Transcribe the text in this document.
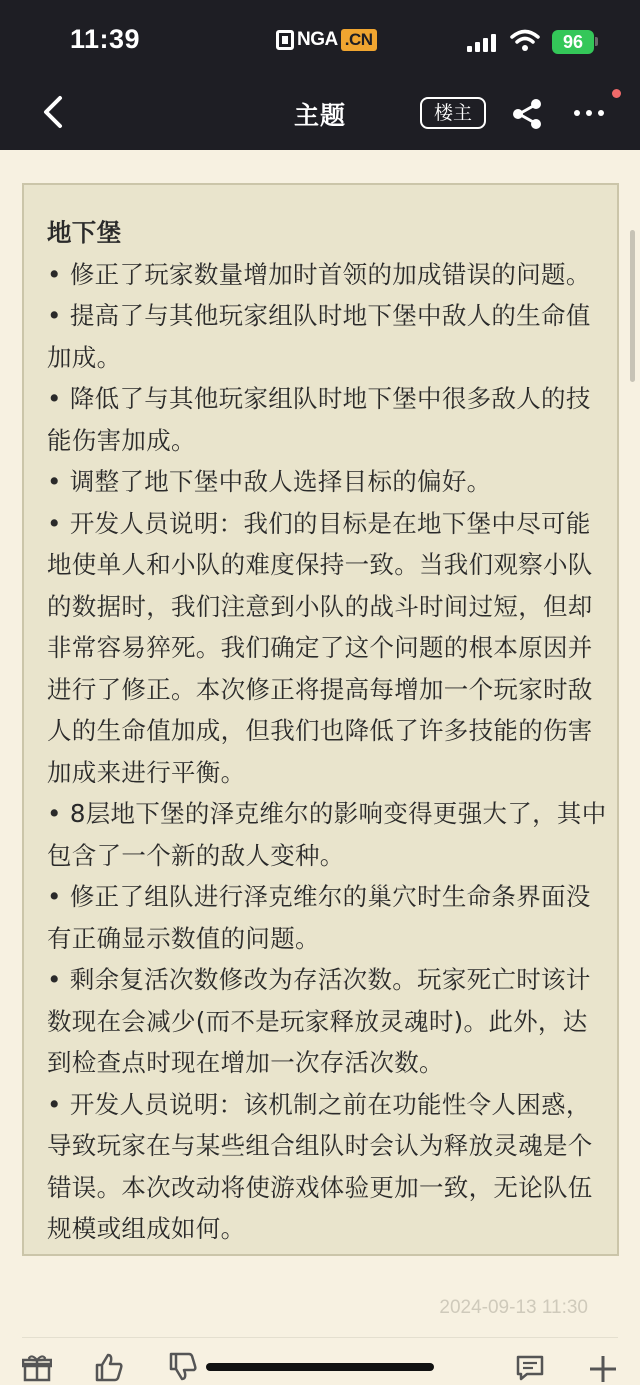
11:39	NGA .CN	96
主题	楼主

地下堡

• 修正了玩家数量增加时首领的加成错误的问题。

• 提高了与其他玩家组队时地下堡中敌人的生命值加成。

• 降低了与其他玩家组队时地下堡中很多敌人的技能伤害加成。

• 调整了地下堡中敌人选择目标的偏好。

• 开发人员说明：我们的目标是在地下堡中尽可能地使单人和小队的难度保持一致。当我们观察小队的数据时，我们注意到小队的战斗时间过短，但却非常容易猝死。我们确定了这个问题的根本原因并进行了修正。本次修正将提高每增加一个玩家时敌人的生命值加成，但我们也降低了许多技能的伤害加成来进行平衡。

• 8层地下堡的泽克维尔的影响变得更强大了，其中包含了一个新的敌人变种。

• 修正了组队进行泽克维尔的巢穴时生命条界面没有正确显示数值的问题。

• 剩余复活次数修改为存活次数。玩家死亡时该计数现在会减少(而不是玩家释放灵魂时)。此外，达到检查点时现在增加一次存活次数。

• 开发人员说明：该机制之前在功能性令人困惑，导致玩家在与某些组合组队时会认为释放灵魂是个错误。本次改动将使游戏体验更加一致，无论队伍规模或组成如何。

2024-09-13 11:30
